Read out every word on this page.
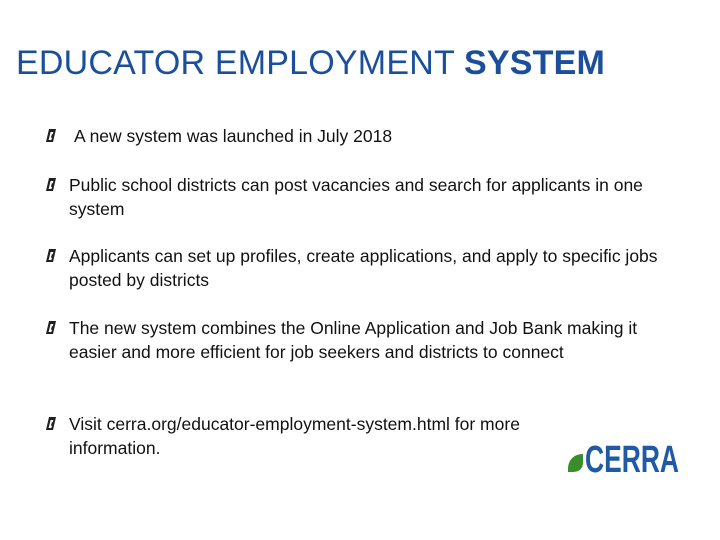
EDUCATOR EMPLOYMENT SYSTEM
A new system was launched in July 2018
Public school districts can post vacancies and search for applicants in one system
Applicants can set up profiles, create applications, and apply to specific jobs posted by districts
The new system combines the Online Application and Job Bank making it easier and more efficient for job seekers and districts to connect
Visit cerra.org/educator-employment-system.html for more information.	CERRA
